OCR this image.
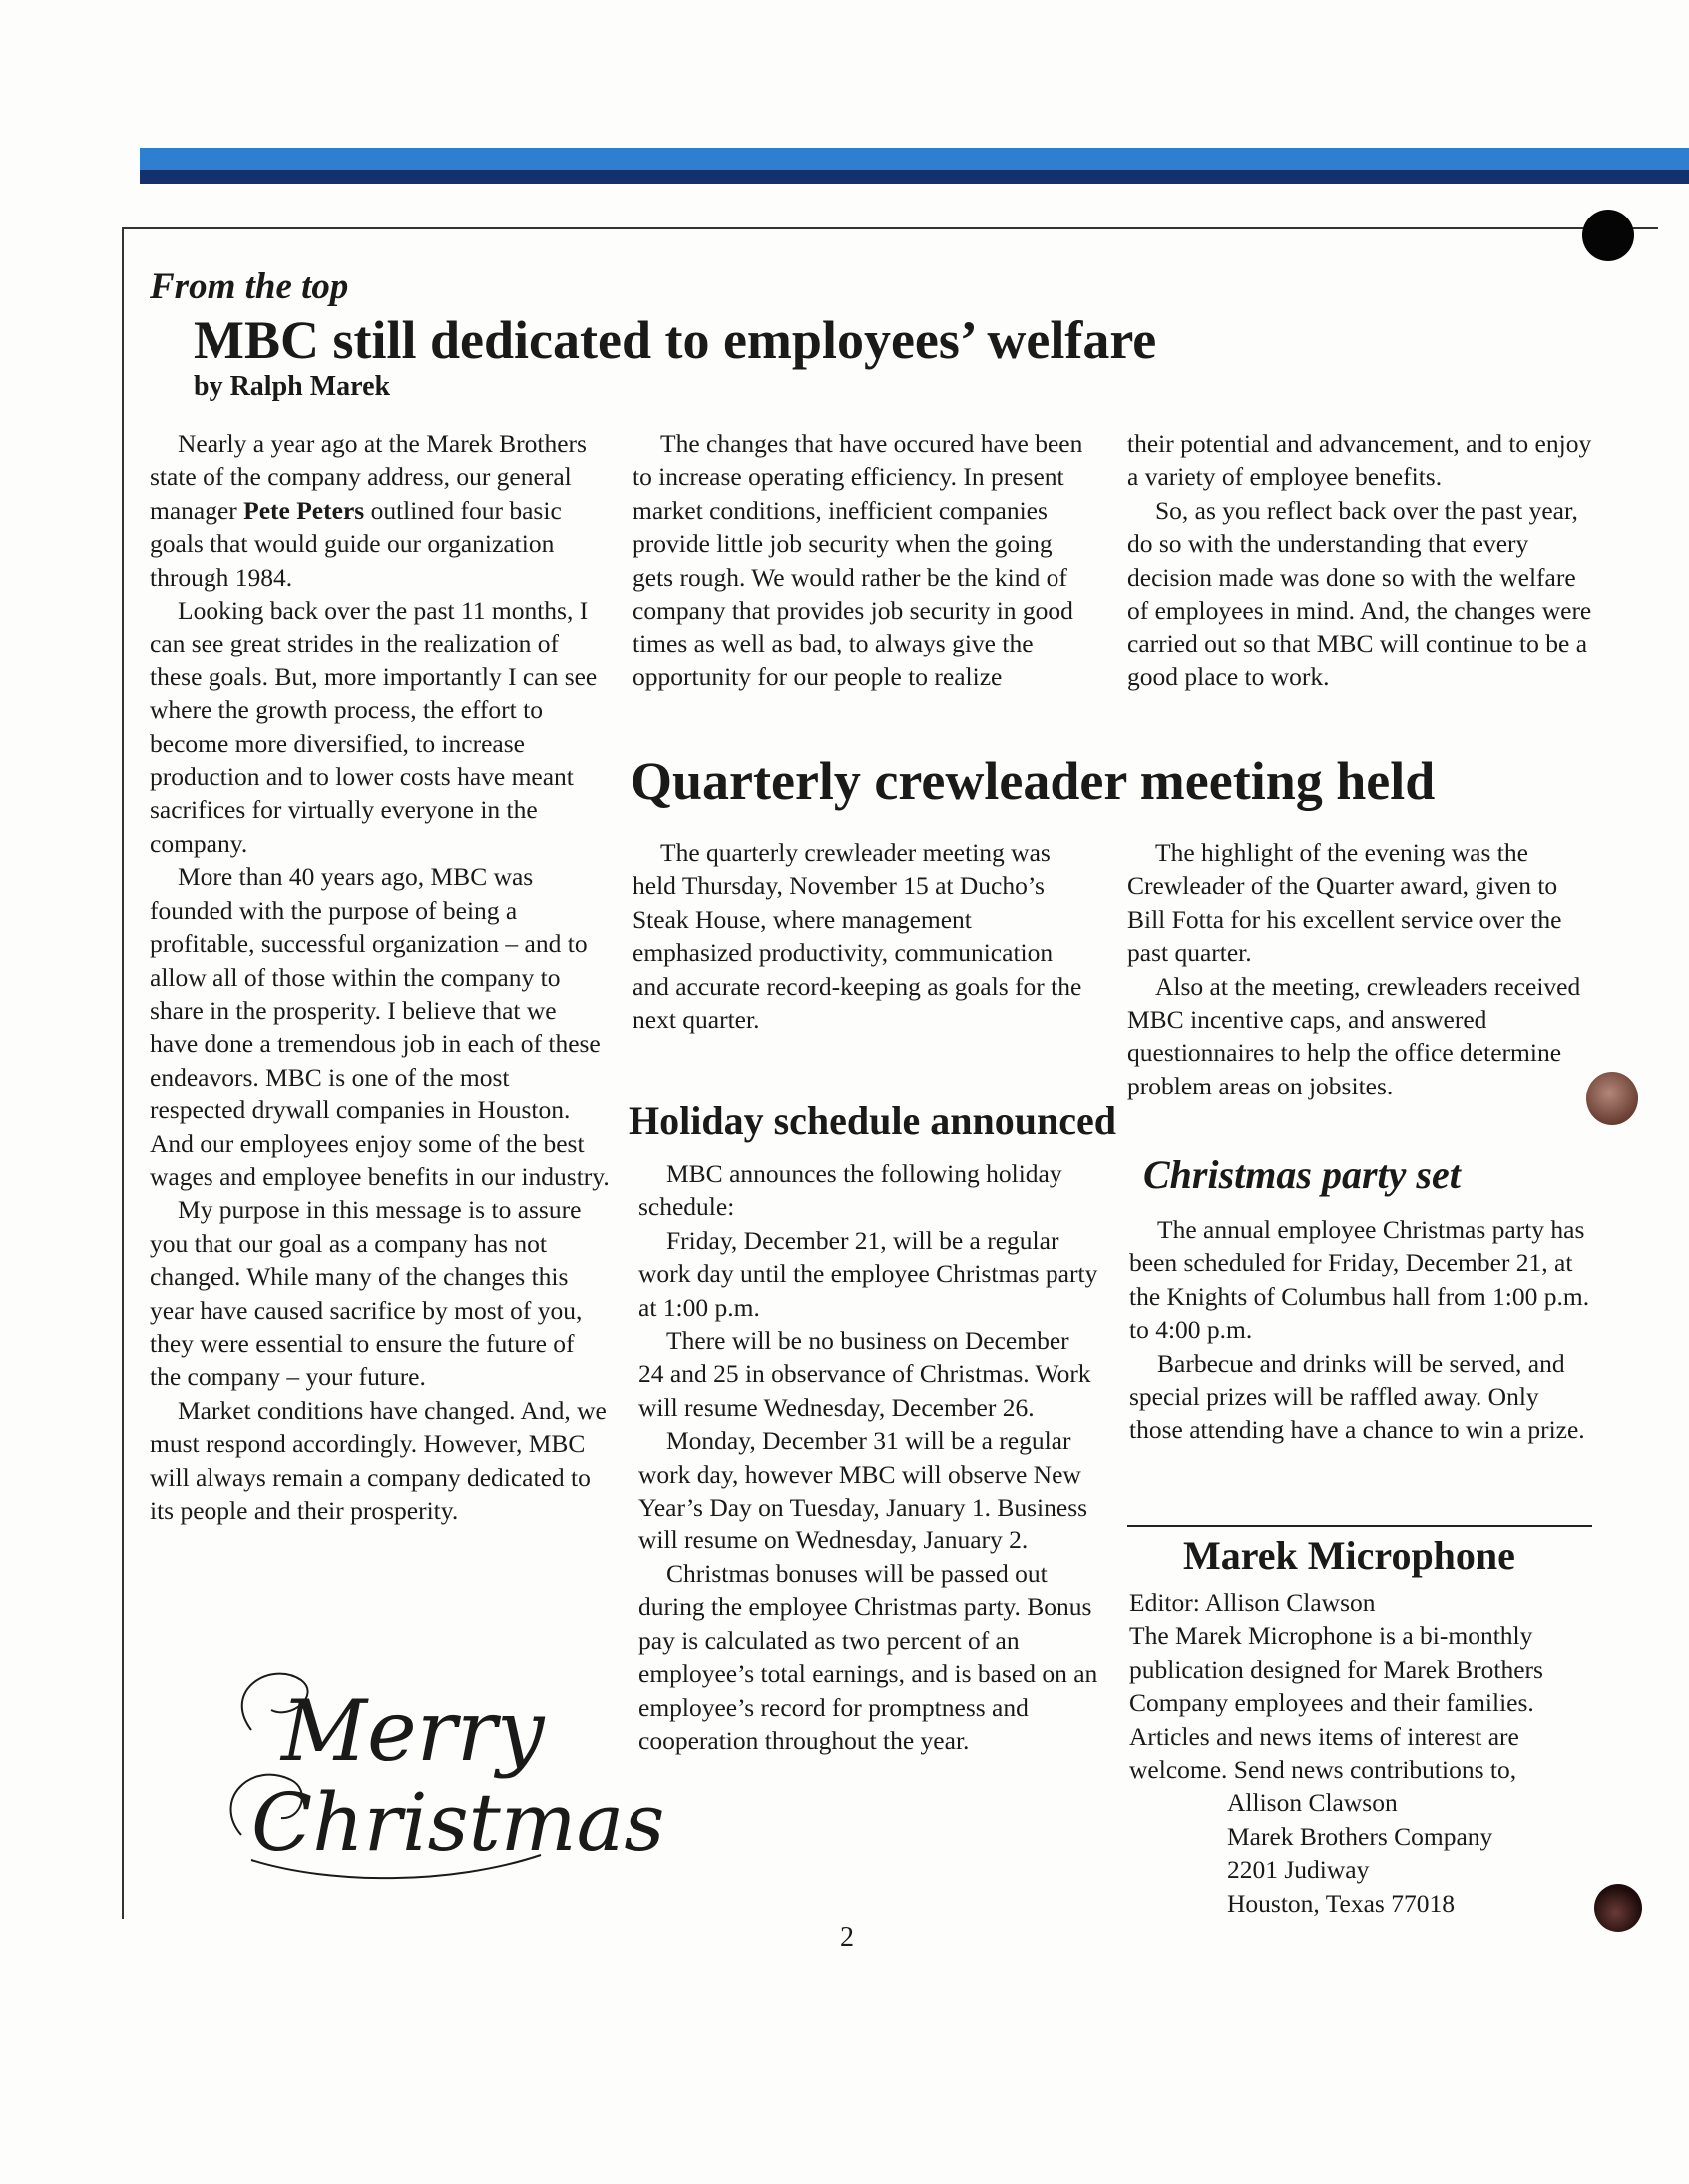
From the top
MBC still dedicated to employees’ welfare
by Ralph Marek

Nearly a year ago at the Marek Brothers state of the company address, our general manager Pete Peters outlined four basic goals that would guide our organization through 1984.

Looking back over the past 11 months, I can see great strides in the realization of these goals. But, more importantly I can see where the growth process, the effort to become more diversified, to increase production and to lower costs have meant sacrifices for virtually everyone in the company.

More than 40 years ago, MBC was founded with the purpose of being a profitable, successful organization – and to allow all of those within the company to share in the prosperity. I believe that we have done a tremendous job in each of these endeavors. MBC is one of the most respected drywall companies in Houston. And our employees enjoy some of the best wages and employee benefits in our industry.

My purpose in this message is to assure you that our goal as a company has not changed. While many of the changes this year have caused sacrifice by most of you, they were essential to ensure the future of the company – your future.

Market conditions have changed. And, we must respond accordingly. However, MBC will always remain a company dedicated to its people and their prosperity.

The changes that have occured have been to increase operating efficiency. In present market conditions, inefficient companies provide little job security when the going gets rough. We would rather be the kind of company that provides job security in good times as well as bad, to always give the opportunity for our people to realize

their potential and advancement, and to enjoy a variety of employee benefits.

So, as you reflect back over the past year, do so with the understanding that every decision made was done so with the welfare of employees in mind. And, the changes were carried out so that MBC will continue to be a good place to work.

Quarterly crewleader meeting held

The quarterly crewleader meeting was held Thursday, November 15 at Ducho’s Steak House, where management emphasized productivity, communication and accurate record-keeping as goals for the next quarter.

The highlight of the evening was the Crewleader of the Quarter award, given to Bill Fotta for his excellent service over the past quarter.

Also at the meeting, crewleaders received MBC incentive caps, and answered questionnaires to help the office determine problem areas on jobsites.

Holiday schedule announced

MBC announces the following holiday schedule:

Friday, December 21, will be a regular work day until the employee Christmas party at 1:00 p.m.

There will be no business on December 24 and 25 in observance of Christmas. Work will resume Wednesday, December 26.

Monday, December 31 will be a regular work day, however MBC will observe New Year’s Day on Tuesday, January 1. Business will resume on Wednesday, January 2.

Christmas bonuses will be passed out during the employee Christmas party. Bonus pay is calculated as two percent of an employee’s total earnings, and is based on an employee’s record for promptness and cooperation throughout the year.

Christmas party set

The annual employee Christmas party has been scheduled for Friday, December 21, at the Knights of Columbus hall from 1:00 p.m. to 4:00 p.m.

Barbecue and drinks will be served, and special prizes will be raffled away. Only those attending have a chance to win a prize.

Marek Microphone

Editor: Allison Clawson

The Marek Microphone is a bi-monthly publication designed for Marek Brothers Company employees and their families. Articles and news items of interest are welcome. Send news contributions to,

Allison Clawson

Marek Brothers Company

2201 Judiway

Houston, Texas 77018

Merry
Christmas
2
